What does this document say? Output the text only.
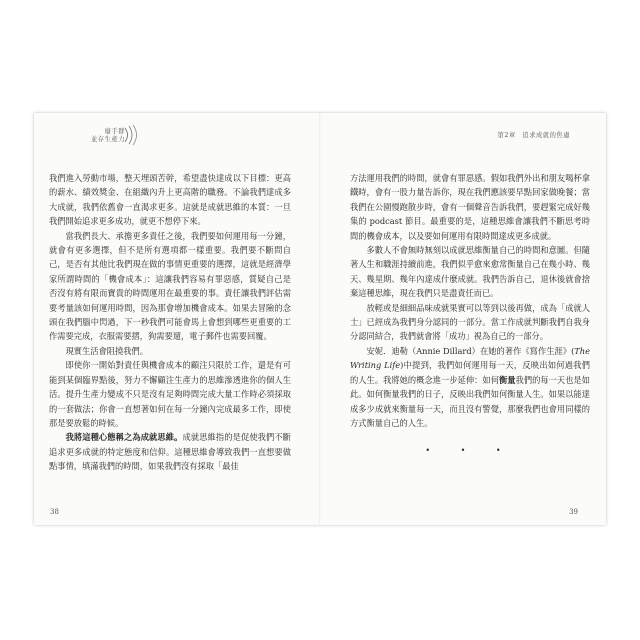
廢手群
並存生產力

我們進入勞動市場，整天埋頭苦幹，希望盡快達成以下目標：更高的薪水、績效獎金、在組織內升上更高階的職務。不論我們達成多大成就，我們依舊會一直渴求更多。這就是成就思維的本質：一旦我們開始追求更多成功，就更不想停下來。

當我們長大、承擔更多責任之後，我們要如何運用每一分鐘，就會有更多選擇，但不是所有選項都一樣重要。我們要不斷問自己，是否有其他比我們現在做的事情更重要的選擇，這就是經濟學家所謂時間的「機會成本」：這讓我們容易有罪惡感，質疑自己是否沒有將有限而寶貴的時間運用在最重要的事。責任讓我們評估需要考量該如何運用時間，因為那會增加機會成本。如果去冒險的念頭在我們腦中閃過，下一秒我們可能會馬上會想到哪些更重要的工作需要完成，衣服需要摺，狗需要遛，電子郵件也需要回覆。

現實生活會阻撓我們。

即使你一開始對責任與機會成本的顧注只限於工作，還是有可能到某個臨界點後，努力不懈顧注生產力的思維滲透進你的個人生活。提升生產力變成不只是沒有足夠時間完成大量工作時必須採取的一套做法；你會一直想著如何在每一分鐘內完成最多工作，即使那是要放鬆的時候。

我將這種心態稱之為成就思維。成就思維指的是促使我們不斷追求更多成就的特定態度和信仰。這種思維會導致我們一直想要做點事情，填滿我們的時間，如果我們沒有採取「最佳

38
第2章　追求成就的焦慮

方法運用我們的時間，就會有罪惡感。假如我們外出和朋友喝杯拿鐵時，會有一股力量告訴你，現在我們應該要早點回家做晚餐；當我們在公園慢跑散步時，會有一個聲音告訴我們，要趕緊完成好幾集的 podcast 節目。最重要的是，這種思維會讓我們不斷思考時間的機會成本，以及要如何運用有限時間達成更多成就。

多數人不會無時無刻以成就思維衡量自己的時間和意圖。但隨著人生和職涯持續前進，我們似乎愈來愈常衡量自己在幾小時、幾天、幾星期、幾年內達成什麼成就。我們告訴自己，退休後就會捨棄這種思維，現在我們只是盡責任而已。

放輕或是細細品味成就果實可以等到以後再做，成為「成就人士」已經成為我們身分認同的一部分。當工作成就判斷我們自我身分認同結合，我們就會將「成功」視為自己的一部分。

安妮．迪勒（Annie Dillard）在她的著作《寫作生涯》(The Writing Life)中提到，我們如何運用每一天，反映出如何過我們的人生。我將她的概念進一步延伸：如何衡量我們的每一天也是如此。如何衡量我們的日子，反映出我們如何衡量人生。如果以能達成多少成就來衡量每一天，而且沒有警覺，那麼我們也會用同樣的方式衡量自己的人生。

• • •
39
